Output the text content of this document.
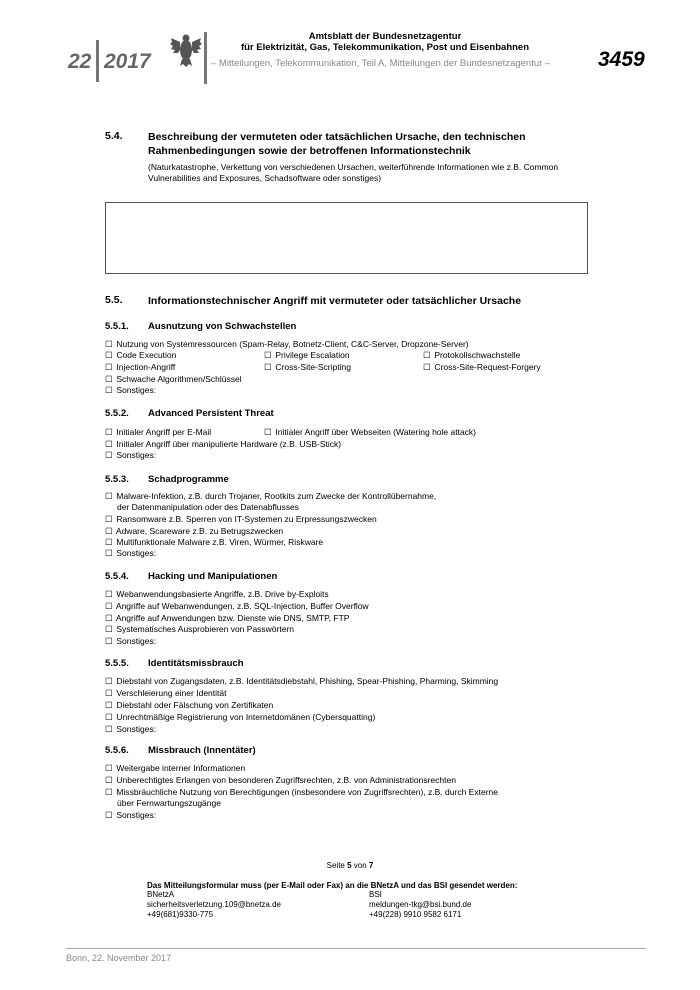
22 2017
Amtsblatt der Bundesnetzagentur
für Elektrizität, Gas, Telekommunikation, Post und Eisenbahnen
– Mitteilungen, Telekommunikation, Teil A, Mitteilungen der Bundesnetzagentur – 3459
5.4. Beschreibung der vermuteten oder tatsächlichen Ursache, den technischen Rahmenbedingungen sowie der betroffenen Informationstechnik
(Naturkatastrophe, Verkettung von verschiedenen Ursachen, weiterführende Informationen wie z.B. Common Vulnerabilities and Exposures, Schadsoftware oder sonstiges)
5.5. Informationstechnischer Angriff mit vermuteter oder tatsächlicher Ursache
5.5.1. Ausnutzung von Schwachstellen
☐ Nutzung von Systemressourcen (Spam-Relay, Botnetz-Client, C&C-Server, Dropzone-Server)
☐ Code Execution	☐ Privilege Escalation	☐ Protokollschwachstelle
☐ Injection-Angriff	☐ Cross-Site-Scripting	☐ Cross-Site-Request-Forgery
☐ Schwache Algorithmen/Schlüssel
☐ Sonstiges:
5.5.2. Advanced Persistent Threat
☐ Initialer Angriff per E-Mail	☐ Initialer Angriff über Webseiten (Watering hole attack)
☐ Initialer Angriff über manipulierte Hardware (z.B. USB-Stick)
☐ Sonstiges:
5.5.3. Schadprogramme
☐ Malware-Infektion, z.B. durch Trojaner, Rootkits zum Zwecke der Kontrollübernahme,
der Datenmanipulation oder des Datenabflusses
☐ Ransomware z.B. Sperren von IT-Systemen zu Erpressungszwecken
☐ Adware, Scareware z.B. zu Betrugszwecken
☐ Multifunktionale Malware z.B. Viren, Würmer, Riskware
☐ Sonstiges:
5.5.4. Hacking und Manipulationen
☐ Webanwendungsbasierte Angriffe, z.B. Drive by-Exploits
☐ Angriffe auf Webanwendungen, z.B. SQL-Injection, Buffer Overflow
☐ Angriffe auf Anwendungen bzw. Dienste wie DNS, SMTP, FTP
☐ Systematisches Ausprobieren von Passwörtern
☐ Sonstiges:
5.5.5. Identitätsmissbrauch
☐ Diebstahl von Zugangsdaten, z.B. Identitätsdiebstahl, Phishing, Spear-Phishing, Pharming, Skimming
☐ Verschleierung einer Identität
☐ Diebstahl oder Fälschung von Zertifikaten
☐ Unrechtmäßige Registrierung von Internetdomänen (Cybersquatting)
☐ Sonstiges:
5.5.6. Missbrauch (Innentäter)
☐ Weitergabe interner Informationen
☐ Unberechtigtes Erlangen von besonderen Zugriffsrechten, z.B. von Administrationsrechten
☐ Missbräuchliche Nutzung von Berechtigungen (insbesondere von Zugriffsrechten), z.B. durch Externe
über Fernwartungszugänge
☐ Sonstiges:
Seite 5 von 7
Das Mitteilungsformular muss (per E-Mail oder Fax) an die BNetzA und das BSI gesendet werden:
BNetzA
sicherheitsverletzung.109@bnetza.de
+49(681)9330-775
BSI
meldungen-tkg@bsi.bund.de
+49(228) 9910 9582 6171
Bonn, 22. November 2017
